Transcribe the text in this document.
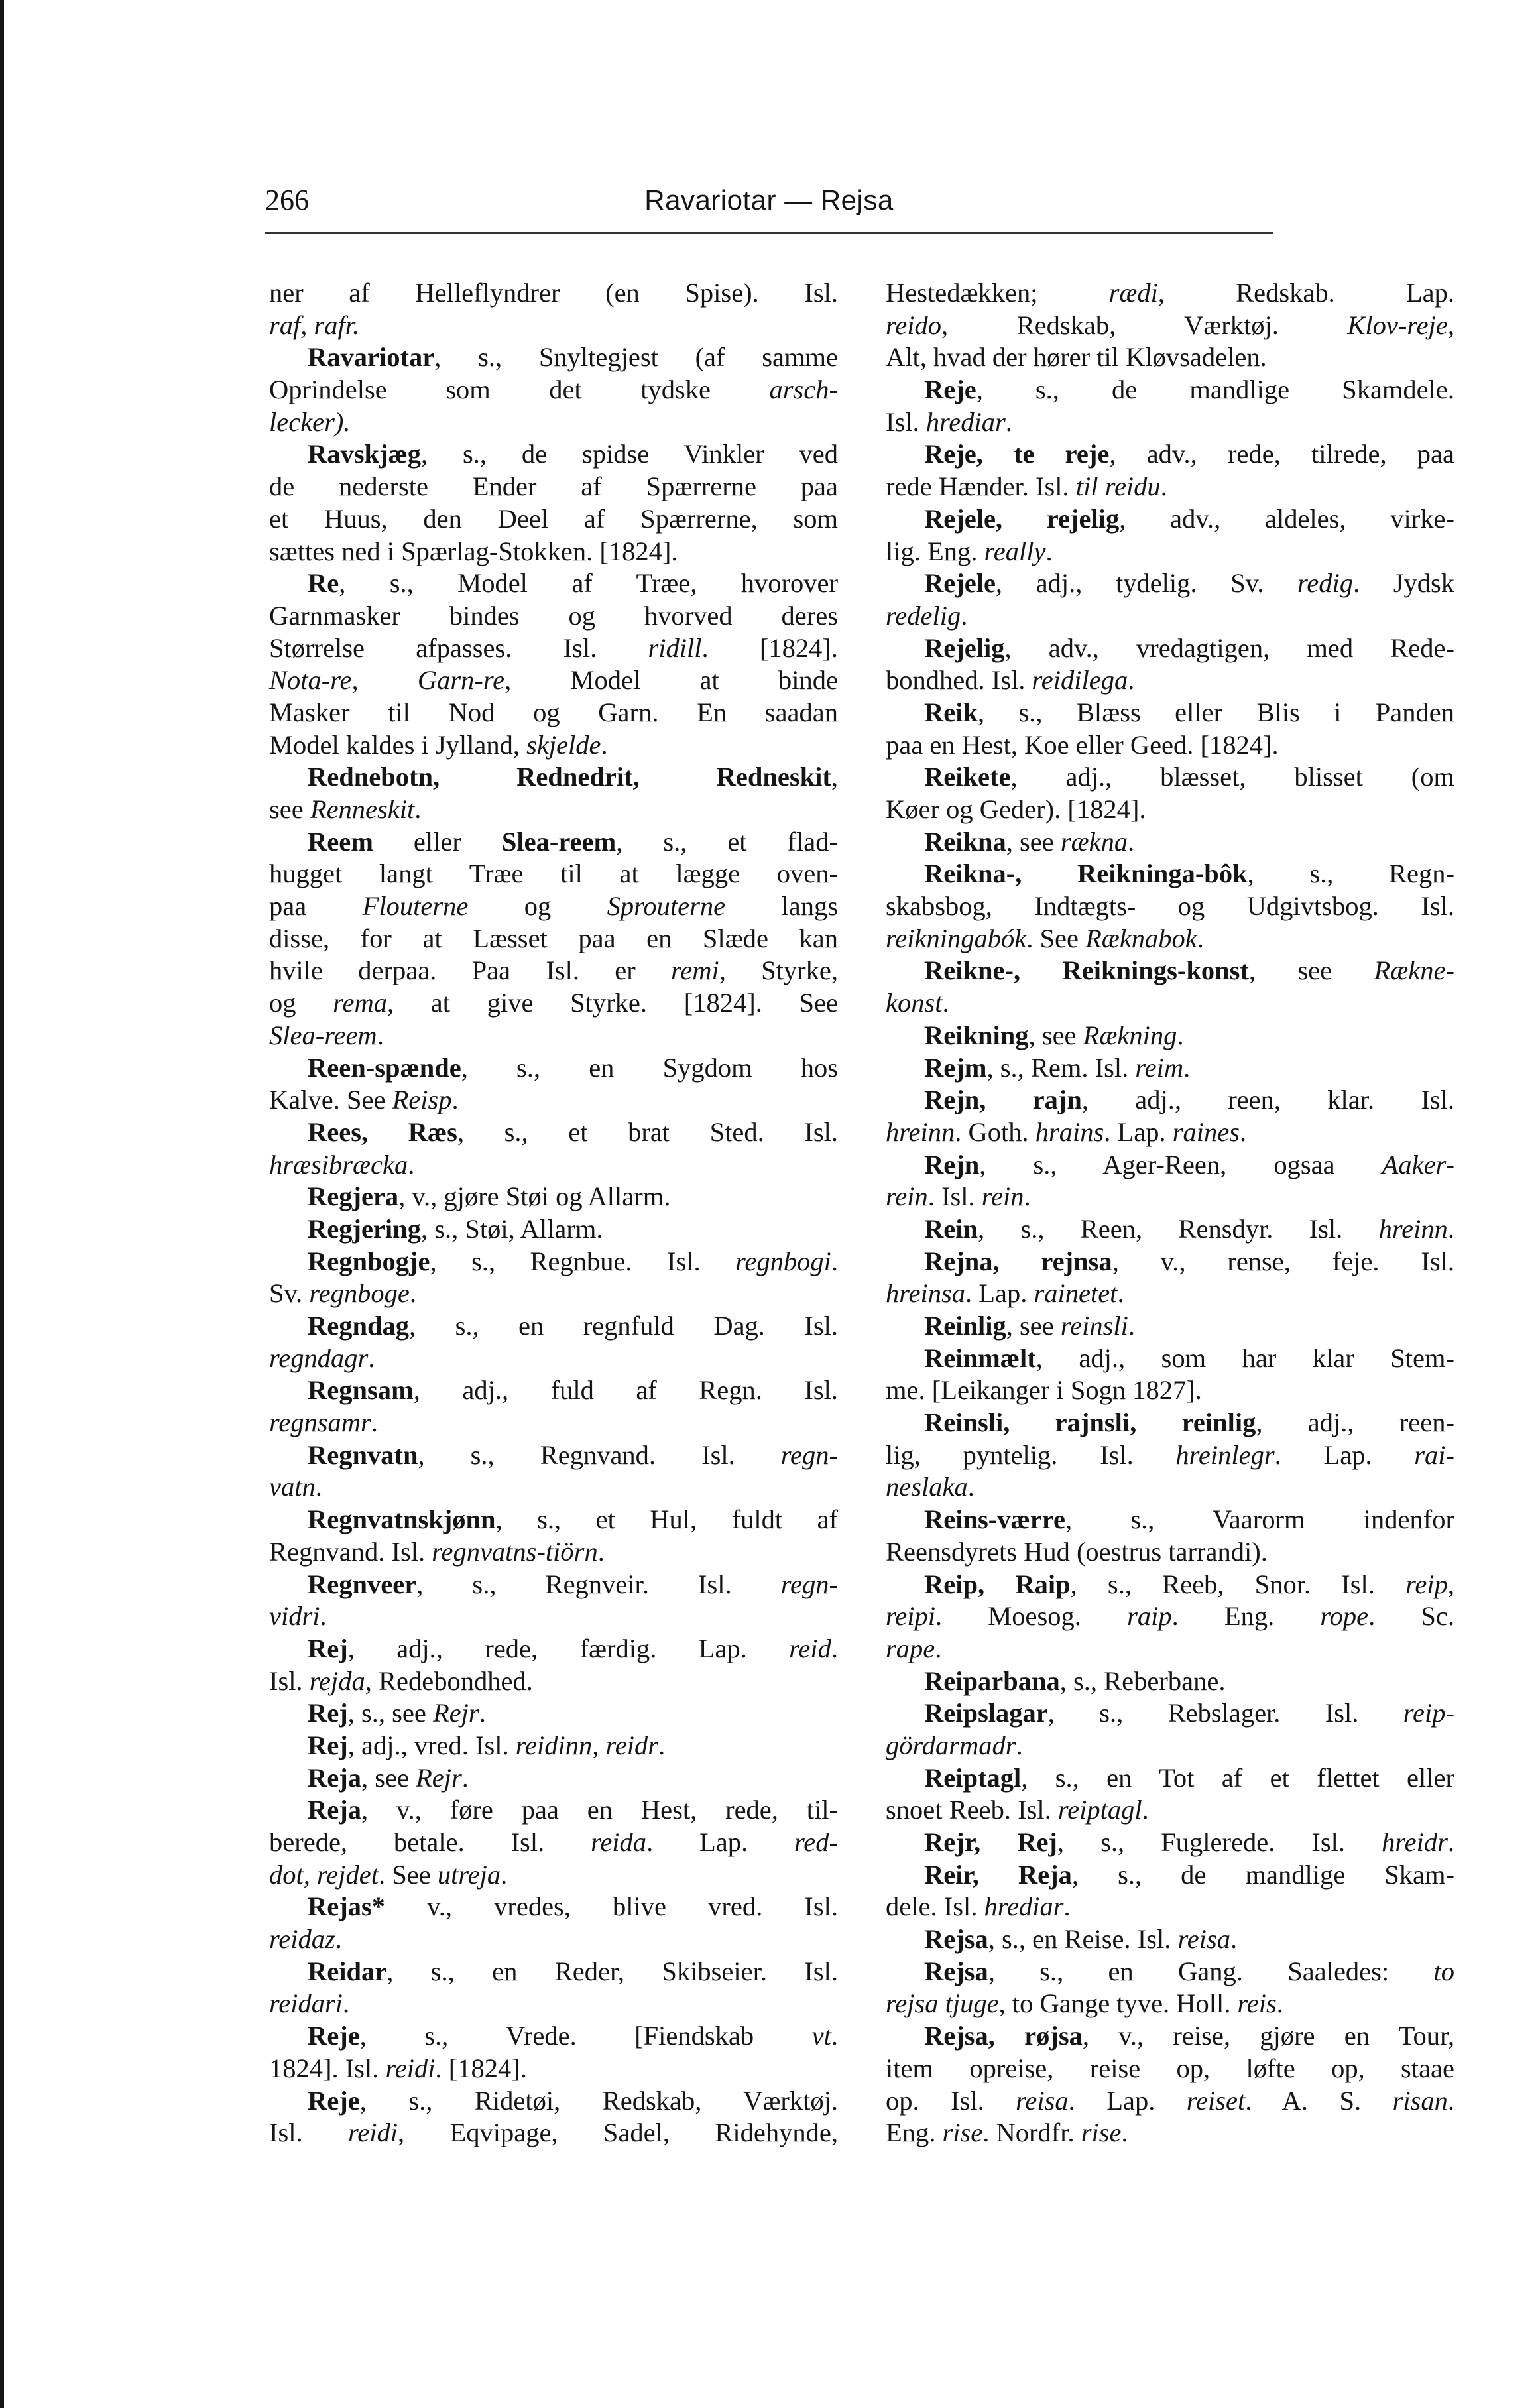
266	Ravariotar — Rejsa
ner af Helleflyndrer (en Spise). Isl.
raf, rafr.
Ravariotar, s., Snyltegjest (af samme
Oprindelse som det tydske arsch-
lecker).
Ravskjæg, s., de spidse Vinkler ved
de nederste Ender af Spærrerne paa
et Huus, den Deel af Spærrerne, som
sættes ned i Spærlag-Stokken. [1824].
Re, s., Model af Træe, hvorover
Garnmasker bindes og hvorved deres
Størrelse afpasses. Isl. ridill. [1824].
Nota-re, Garn-re, Model at binde
Masker til Nod og Garn. En saadan
Model kaldes i Jylland, skjelde.
Rednebotn, Rednedrit, Redneskit,
see Renneskit.
Reem eller Slea-reem, s., et flad-
hugget langt Træe til at lægge oven-
paa Flouterne og Sprouterne langs
disse, for at Læsset paa en Slæde kan
hvile derpaa. Paa Isl. er remi, Styrke,
og rema, at give Styrke. [1824]. See
Slea-reem.
Reen-spænde, s., en Sygdom hos
Kalve. See Reisp.
Rees, Ræs, s., et brat Sted. Isl.
hræsibræcka.
Regjera, v., gjøre Støi og Allarm.
Regjering, s., Støi, Allarm.
Regnbogje, s., Regnbue. Isl. regnbogi.
Sv. regnboge.
Regndag, s., en regnfuld Dag. Isl.
regndagr.
Regnsam, adj., fuld af Regn. Isl.
regnsamr.
Regnvatn, s., Regnvand. Isl. regn-
vatn.
Regnvatnskjønn, s., et Hul, fuldt af
Regnvand. Isl. regnvatns-tiörn.
Regnveer, s., Regnveir. Isl. regn-
vidri.
Rej, adj., rede, færdig. Lap. reid.
Isl. rejda, Redebondhed.
Rej, s., see Rejr.
Rej, adj., vred. Isl. reidinn, reidr.
Reja, see Rejr.
Reja, v., føre paa en Hest, rede, til-
berede, betale. Isl. reida. Lap. red-
dot, rejdet. See utreja.
Rejas* v., vredes, blive vred. Isl.
reidaz.
Reidar, s., en Reder, Skibseier. Isl.
reidari.
Reje, s., Vrede. [Fiendskab vt.
1824]. Isl. reidi. [1824].
Reje, s., Ridetøi, Redskab, Værktøj.
Isl. reidi, Eqvipage, Sadel, Ridehynde,
Hestedækken; rædi, Redskab. Lap.
reido, Redskab, Værktøj. Klov-reje,
Alt, hvad der hører til Kløvsadelen.
Reje, s., de mandlige Skamdele.
Isl. hrediar.
Reje, te reje, adv., rede, tilrede, paa
rede Hænder. Isl. til reidu.
Rejele, rejelig, adv., aldeles, virke-
lig. Eng. really.
Rejele, adj., tydelig. Sv. redig. Jydsk
redelig.
Rejelig, adv., vredagtigen, med Rede-
bondhed. Isl. reidilega.
Reik, s., Blæss eller Blis i Panden
paa en Hest, Koe eller Geed. [1824].
Reikete, adj., blæsset, blisset (om
Køer og Geder). [1824].
Reikna, see rækna.
Reikna-, Reikninga-bôk, s., Regn-
skabsbog, Indtægts- og Udgivtsbog. Isl.
reikningabók. See Ræknabok.
Reikne-, Reiknings-konst, see Rækne-
konst.
Reikning, see Rækning.
Rejm, s., Rem. Isl. reim.
Rejn, rajn, adj., reen, klar. Isl.
hreinn. Goth. hrains. Lap. raines.
Rejn, s., Ager-Reen, ogsaa Aaker-
rein. Isl. rein.
Rein, s., Reen, Rensdyr. Isl. hreinn.
Rejna, rejnsa, v., rense, feje. Isl.
hreinsa. Lap. rainetet.
Reinlig, see reinsli.
Reinmælt, adj., som har klar Stem-
me. [Leikanger i Sogn 1827].
Reinsli, rajnsli, reinlig, adj., reen-
lig, pyntelig. Isl. hreinlegr. Lap. rai-
neslaka.
Reins-værre, s., Vaarorm indenfor
Reensdyrets Hud (oestrus tarrandi).
Reip, Raip, s., Reeb, Snor. Isl. reip,
reipi. Moesog. raip. Eng. rope. Sc.
rape.
Reiparbana, s., Reberbane.
Reipslagar, s., Rebslager. Isl. reip-
gördarmadr.
Reiptagl, s., en Tot af et flettet eller
snoet Reeb. Isl. reiptagl.
Rejr, Rej, s., Fuglerede. Isl. hreidr.
Reir, Reja, s., de mandlige Skam-
dele. Isl. hrediar.
Rejsa, s., en Reise. Isl. reisa.
Rejsa, s., en Gang. Saaledes: to
rejsa tjuge, to Gange tyve. Holl. reis.
Rejsa, røjsa, v., reise, gjøre en Tour,
item opreise, reise op, løfte op, staae
op. Isl. reisa. Lap. reiset. A. S. risan.
Eng. rise. Nordfr. rise.
